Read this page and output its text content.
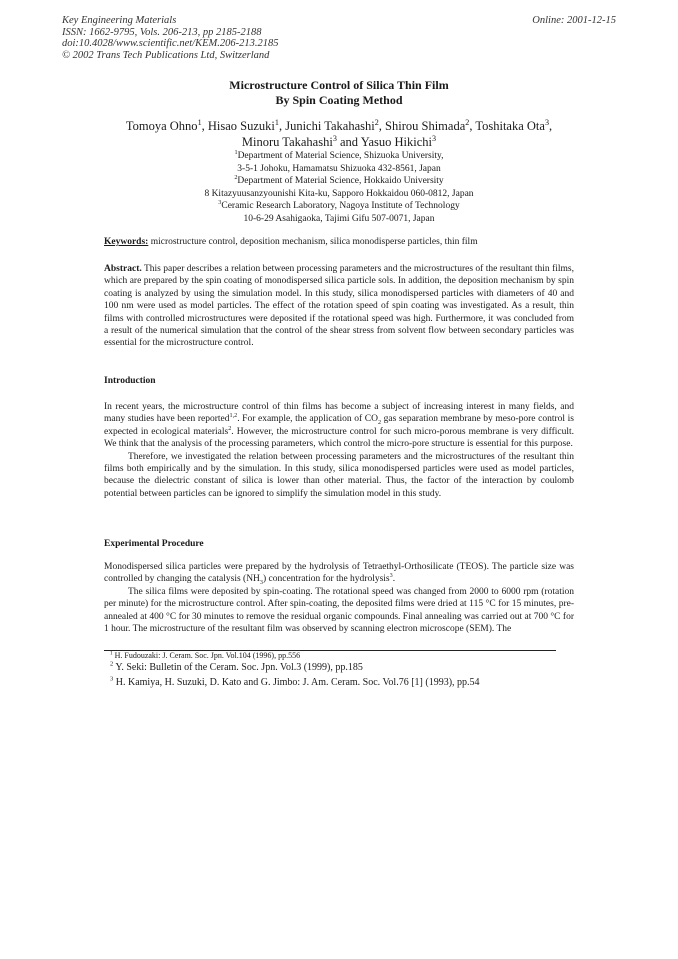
Key Engineering Materials
ISSN: 1662-9795, Vols. 206-213, pp 2185-2188
doi:10.4028/www.scientific.net/KEM.206-213.2185
© 2002 Trans Tech Publications Ltd, Switzerland
Online: 2001-12-15
Microstructure Control of Silica Thin Film
By Spin Coating Method
Tomoya Ohno$^1$, Hisao Suzuki$^1$, Junichi Takahashi$^2$, Shirou Shimada$^2$, Toshitaka Ota$^3$,
Minoru Takahashi$^3$ and Yasuo Hikichi$^3$
$^1$Department of Material Science, Shizuoka University,
3-5-1 Johoku, Hamamatsu Shizuoka 432-8561, Japan
$^2$Department of Material Science, Hokkaido University
8 Kitazyuusanzyounishi Kita-ku, Sapporo Hokkaidou 060-0812, Japan
$^3$Ceramic Research Laboratory, Nagoya Institute of Technology
10-6-29 Asahigaoka, Tajimi Gifu 507-0071, Japan
Keywords: microstructure control, deposition mechanism, silica monodisperse particles, thin film
Abstract. This paper describes a relation between processing parameters and the microstructures of the resultant thin films, which are prepared by the spin coating of monodispersed silica particle sols. In addition, the deposition mechanism by spin coating is analyzed by using the simulation model. In this study, silica monodispersed particles with diameters of 40 and 100 nm were used as model particles. The effect of the rotation speed of spin coating was investigated. As a result, thin films with controlled microstructures were deposited if the rotational speed was high. Furthermore, it was concluded from a result of the numerical simulation that the control of the shear stress from solvent flow between secondary particles was essential for the microstructure control.
Introduction

In recent years, the microstructure control of thin films has become a subject of increasing interest in many fields, and many studies have been reported$^{1,2}$. For example, the application of $CO_2$ gas separation membrane by meso-pore control is expected in ecological materials$^2$. However, the microstructure control for such micro-porous membrane is very difficult. We think that the analysis of the processing parameters, which control the micro-pore structure is essential for this purpose.

Therefore, we investigated the relation between processing parameters and the microstructures of the resultant thin films both empirically and by the simulation. In this study, silica monodispersed particles were used as model particles, because the dielectric constant of silica is lower than other material. Thus, the factor of the interaction by coulomb potential between particles can be ignored to simplify the simulation model in this study.

Experimental Procedure

Monodispersed silica particles were prepared by the hydrolysis of Tetraethyl-Orthosilicate (TEOS). The particle size was controlled by changing the catalysis $(NH_3)$ concentration for the hydrolysis$^3$.

The silica films were deposited by spin-coating. The rotational speed was changed from 2000 to 6000 rpm (rotation per minute) for the microstructure control. After spin-coating, the deposited films were dried at 115 °C for 15 minutes, pre-annealed at 400 °C for 30 minutes to remove the residual organic compounds. Final annealing was carried out at 700 °C for 1 hour. The microstructure of the resultant film was observed by scanning electron microscope (SEM). The

$^1$ H. Fudouzaki: J. Ceram. Soc. Jpn. Vol.104 (1996), pp.556
$^2$ Y. Seki: Bulletin of the Ceram. Soc. Jpn. Vol.3 (1999), pp.185
$^3$ H. Kamiya, H. Suzuki, D. Kato and G. Jimbo: J. Am. Ceram. Soc. Vol.76 [1] (1993), pp.54
